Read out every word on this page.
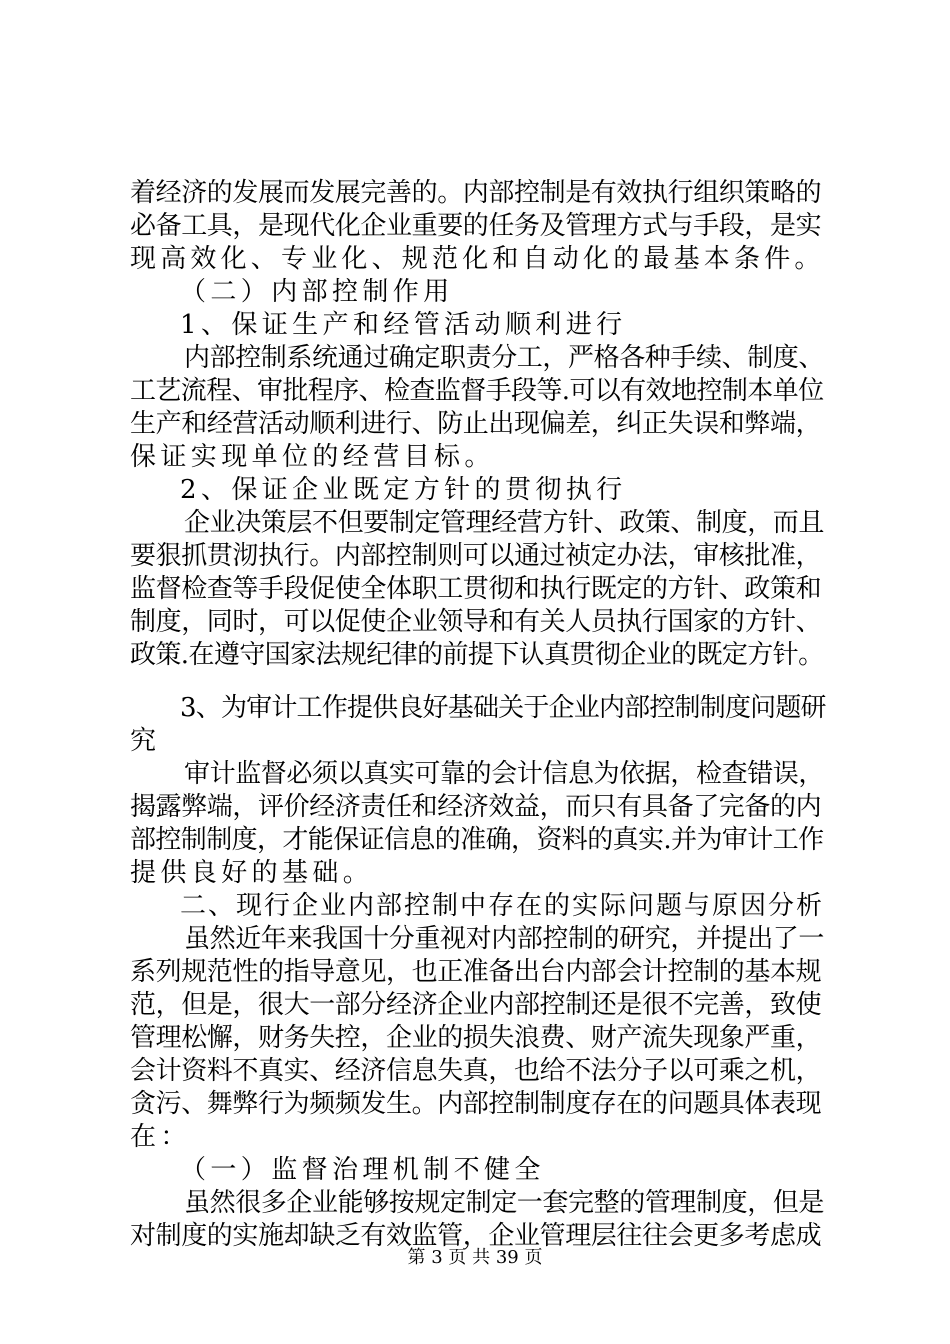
着经济的发展而发展完善的。内部控制是有效执行组织策略的
必备工具，是现代化企业重要的任务及管理方式与手段，是实
现高效化、专业化、规范化和自动化的最基本条件。
（二）内部控制作用
1、保证生产和经管活动顺利进行
内部控制系统通过确定职责分工，严格各种手续、制度、
工艺流程、审批程序、检查监督手段等.可以有效地控制本单位
生产和经营活动顺利进行、防止出现偏差，纠正失误和弊端，
保证实现单位的经营目标。
2、保证企业既定方针的贯彻执行
企业决策层不但要制定管理经营方针、政策、制度，而且
要狠抓贯沏执行。内部控制则可以通过祯定办法，审核批准，
监督检查等手段促使全体职工贯彻和执行既定的方针、政策和
制度，同时，可以促使企业领导和有关人员执行国家的方针、
政策.在遵守国家法规纪律的前提下认真贯彻企业的既定方针。
3、为审计工作提供良好基础关于企业内部控制制度问题研
究
审计监督必须以真实可靠的会计信息为依据，检查错误，
揭露弊端，评价经济责任和经济效益，而只有具备了完备的内
部控制制度，才能保证信息的准确，资料的真实.并为审计工作
提供良好的基础。
二、现行企业内部控制中存在的实际问题与原因分析
虽然近年来我国十分重视对内部控制的研究，并提出了一
系列规范性的指导意见，也正准备出台内部会计控制的基本规
范，但是，很大一部分经济企业内部控制还是很不完善，致使
管理松懈，财务失控，企业的损失浪费、财产流失现象严重，
会计资料不真实、经济信息失真，也给不法分子以可乘之机，
贪污、舞弊行为频频发生。内部控制制度存在的问题具体表现
在：
（一）监督治理机制不健全
虽然很多企业能够按规定制定一套完整的管理制度，但是
对制度的实施却缺乏有效监管，企业管理层往往会更多考虑成
第 3 页 共 39 页
